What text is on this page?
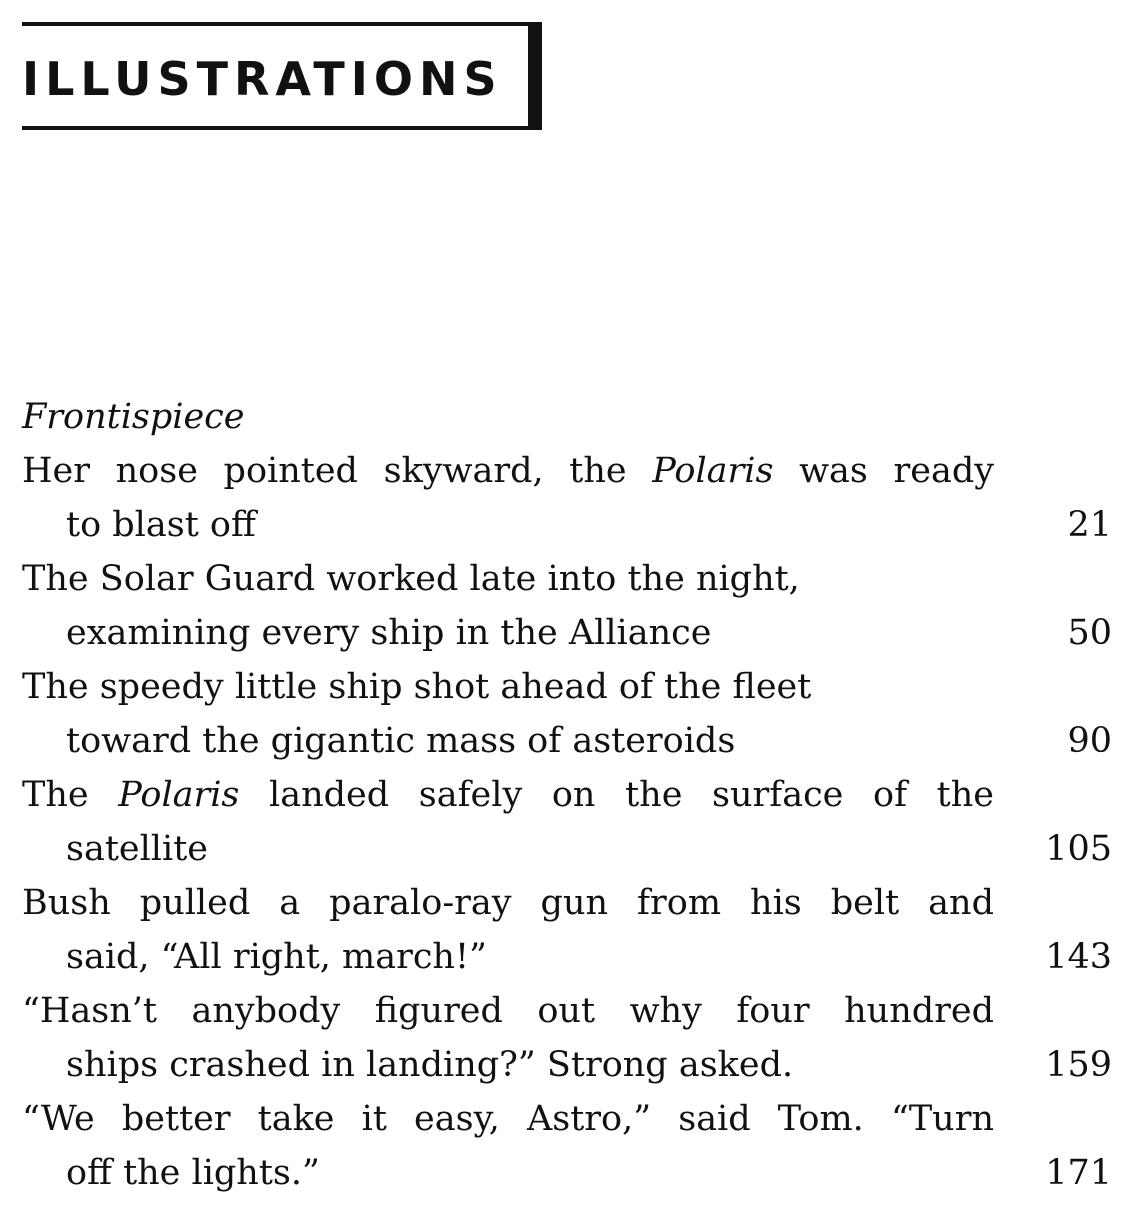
ILLUSTRATIONS
Frontispiece
Her nose pointed skyward, the Polaris was ready
to blast off	21
The Solar Guard worked late into the night,
examining every ship in the Alliance	50
The speedy little ship shot ahead of the fleet
toward the gigantic mass of asteroids	90
The Polaris landed safely on the surface of the
satellite	105
Bush pulled a paralo-ray gun from his belt and
said, “All right, march!”	143
“Hasn’t anybody figured out why four hundred
ships crashed in landing?” Strong asked.	159
“We better take it easy, Astro,” said Tom. “Turn
off the lights.”	171
